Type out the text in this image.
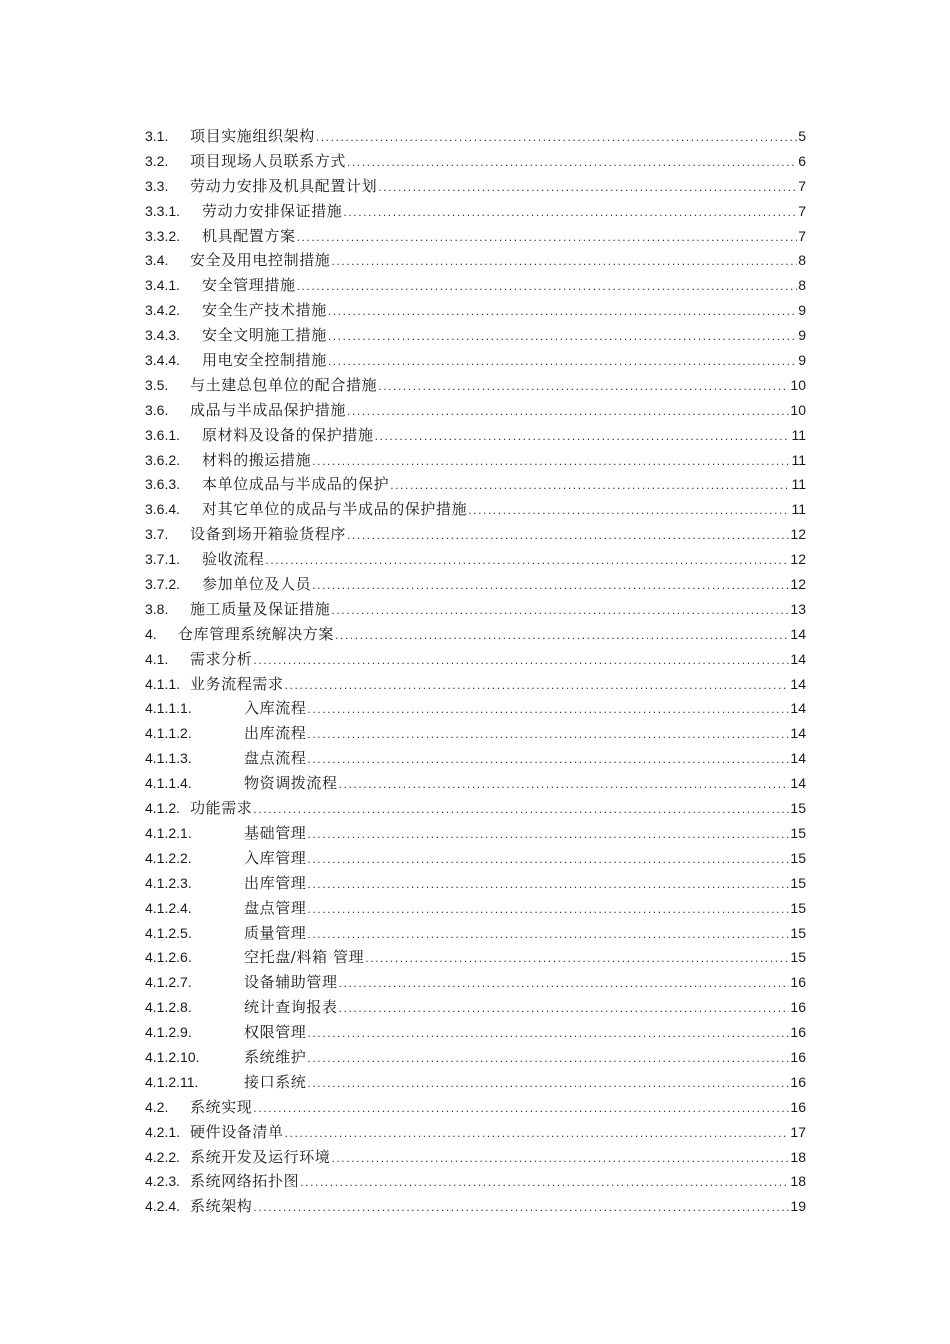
3.1.	项目实施组织架构 .....	5
3.2.	项目现场人员联系方式 .....	6
3.3.	劳动力安排及机具配置计划 .....	7
3.3.1.	劳动力安排保证措施 .....	7
3.3.2.	机具配置方案 .....	7
3.4.	安全及用电控制措施 .....	8
3.4.1.	安全管理措施 .....	8
3.4.2.	安全生产技术措施 .....	9
3.4.3.	安全文明施工措施 .....	9
3.4.4.	用电安全控制措施 .....	9
3.5.	与土建总包单位的配合措施 .....	10
3.6.	成品与半成品保护措施 .....	10
3.6.1.	原材料及设备的保护措施 .....	11
3.6.2.	材料的搬运措施 .....	11
3.6.3.	本单位成品与半成品的保护 .....	11
3.6.4.	对其它单位的成品与半成品的保护措施 .....	11
3.7.	设备到场开箱验货程序 .....	12
3.7.1.	验收流程 .....	12
3.7.2.	参加单位及人员 .....	12
3.8.	施工质量及保证措施 .....	13
4.	仓库管理系统解决方案 .....	14
4.1.	需求分析 .....	14
4.1.1. 业务流程需求 .....	14
4.1.1.1.	入库流程 .....	14
4.1.1.2.	出库流程 .....	14
4.1.1.3.	盘点流程 .....	14
4.1.1.4.	物资调拨流程 .....	14
4.1.2. 功能需求 .....	15
4.1.2.1.	基础管理 .....	15
4.1.2.2.	入库管理 .....	15
4.1.2.3.	出库管理 .....	15
4.1.2.4.	盘点管理 .....	15
4.1.2.5.	质量管理 .....	15
4.1.2.6.	空托盘/料箱 管理 .....	15
4.1.2.7.	设备辅助管理 .....	16
4.1.2.8.	统计查询报表 .....	16
4.1.2.9.	权限管理 .....	16
4.1.2.10.	系统维护 .....	16
4.1.2.11.	接口系统 .....	16
4.2.	系统实现 .....	16
4.2.1. 硬件设备清单 .....	17
4.2.2. 系统开发及运行环境 .....	18
4.2.3. 系统网络拓扑图 .....	18
4.2.4. 系统架构 .....	19
